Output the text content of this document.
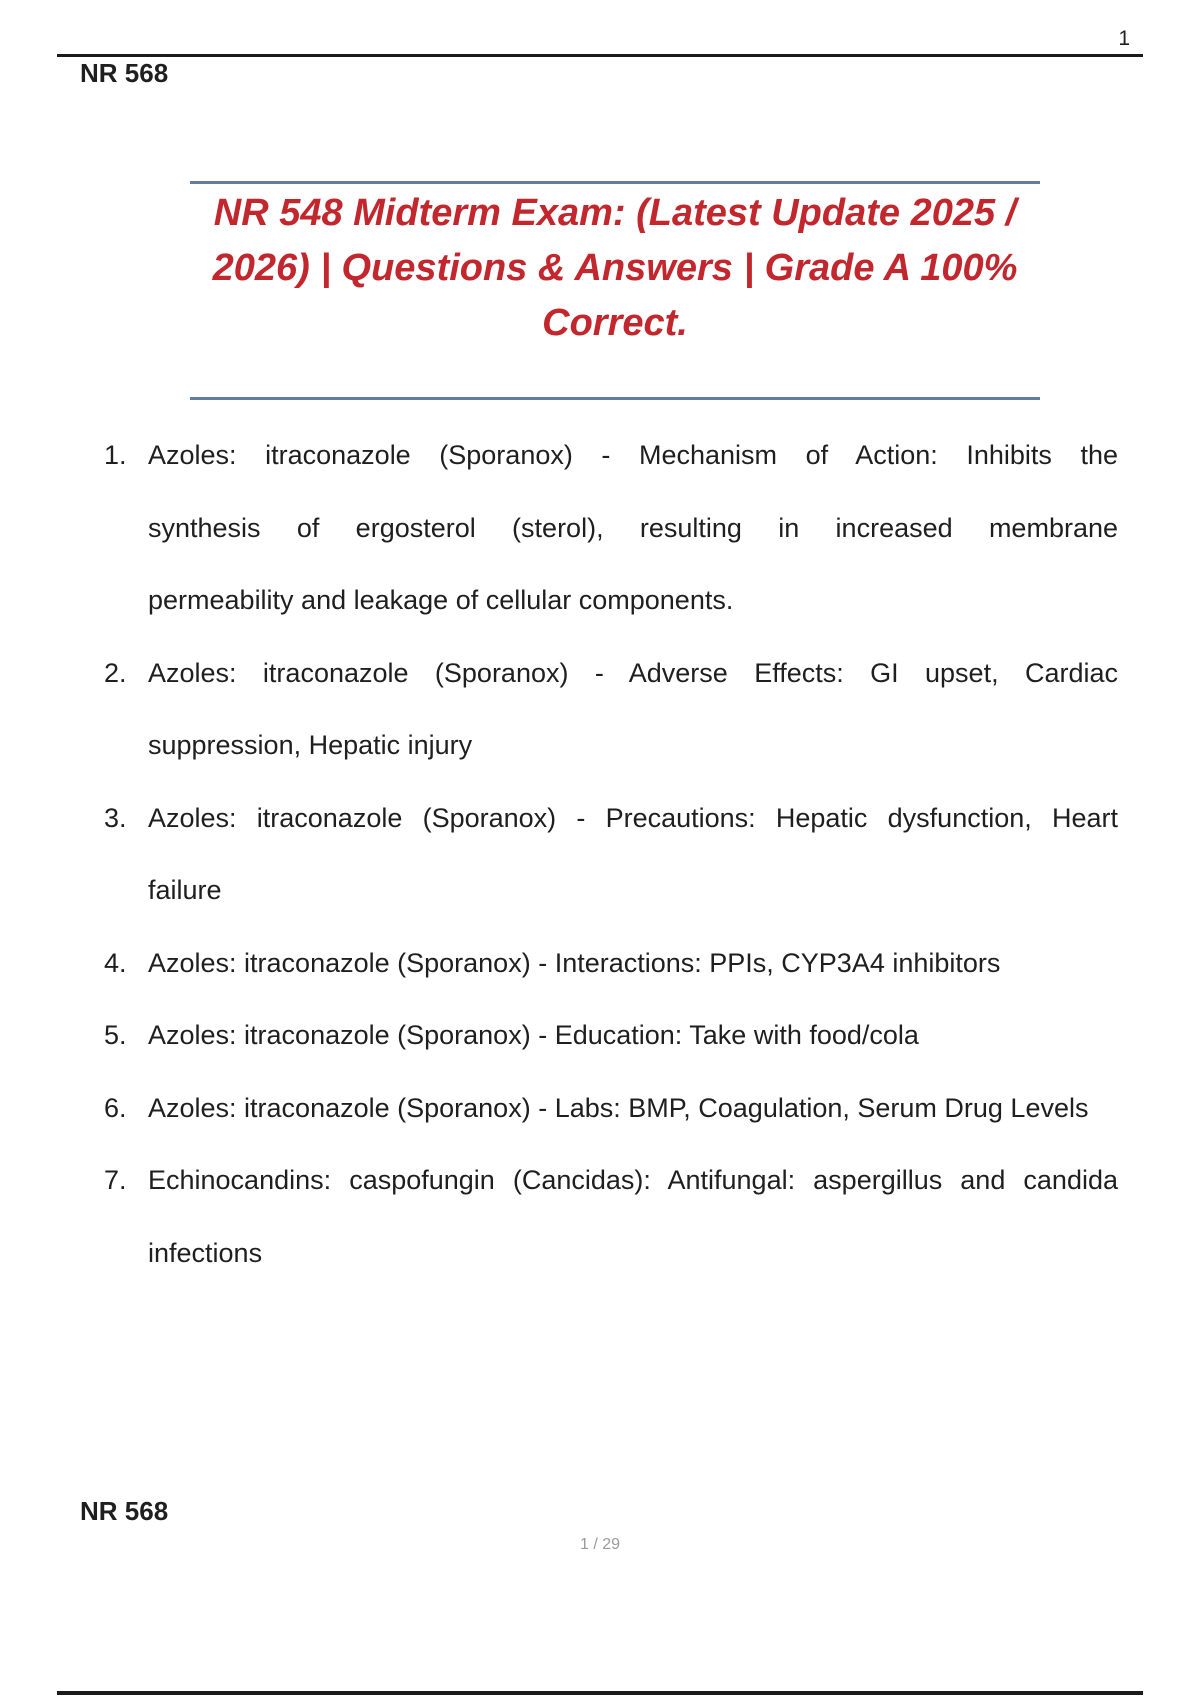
1
NR 568
NR 548 Midterm Exam: (Latest Update 2025 /
2026) | Questions & Answers | Grade A 100%
Correct.
1. Azoles: itraconazole (Sporanox) - Mechanism of Action: Inhibits the
synthesis of ergosterol (sterol), resulting in increased membrane
permeability and leakage of cellular components.
2. Azoles: itraconazole (Sporanox) - Adverse Effects: GI upset, Cardiac
suppression, Hepatic injury
3. Azoles: itraconazole (Sporanox) - Precautions: Hepatic dysfunction, Heart
failure
4. Azoles: itraconazole (Sporanox) - Interactions: PPIs, CYP3A4 inhibitors
5. Azoles: itraconazole (Sporanox) - Education: Take with food/cola
6. Azoles: itraconazole (Sporanox) - Labs: BMP, Coagulation, Serum Drug Levels
7. Echinocandins: caspofungin (Cancidas): Antifungal: aspergillus and candida
infections
NR 568
1 / 29
